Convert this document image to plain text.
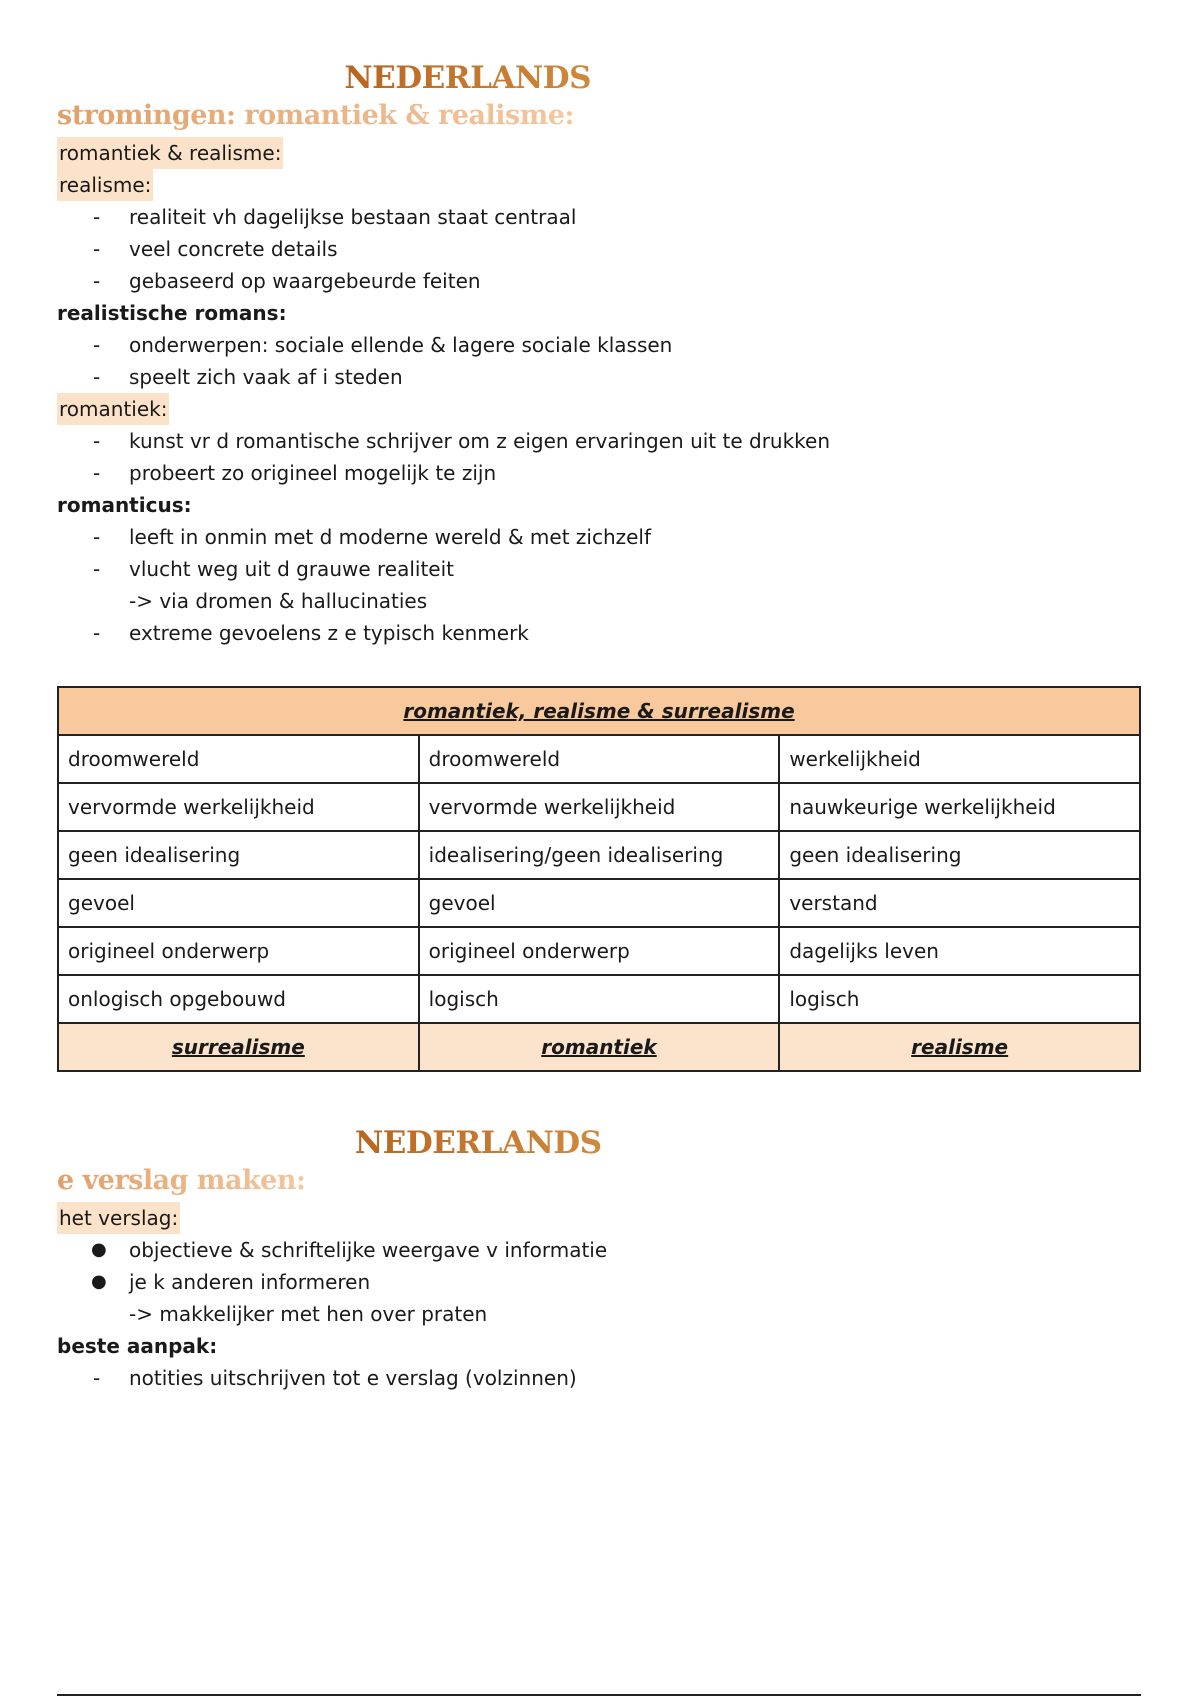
NEDERLANDS DEEL 2 LES 12
stromingen: romantiek & realisme:
romantiek & realisme:
realisme:
- realiteit vh dagelijkse bestaan staat centraal
- veel concrete details
- gebaseerd op waargebeurde feiten
realistische romans:
- onderwerpen: sociale ellende & lagere sociale klassen
- speelt zich vaak af i steden
romantiek:
- kunst vr d romantische schrijver om z eigen ervaringen uit te drukken
- probeert zo origineel mogelijk te zijn
romanticus:
- leeft in onmin met d moderne wereld & met zichzelf
- vlucht weg uit d grauwe realiteit
-> via dromen & hallucinaties
- extreme gevoelens z e typisch kenmerk
romantiek, realisme & surrealisme		
droomwereld	droomwereld	werkelijkheid
vervormde werkelijkheid	vervormde werkelijkheid	nauwkeurige werkelijkheid
geen idealisering	idealisering/geen idealisering	geen idealisering
gevoel	gevoel	verstand
origineel onderwerp	origineel onderwerp	dagelijks leven
onlogisch opgebouwd	logisch	logisch
surrealisme	romantiek	realisme
NEDERLANDS DEEL 3 LES 4
e verslag maken:
het verslag:
● objectieve & schriftelijke weergave v informatie
● je k anderen informeren
-> makkelijker met hen over praten
beste aanpak:
- notities uitschrijven tot e verslag (volzinnen)
